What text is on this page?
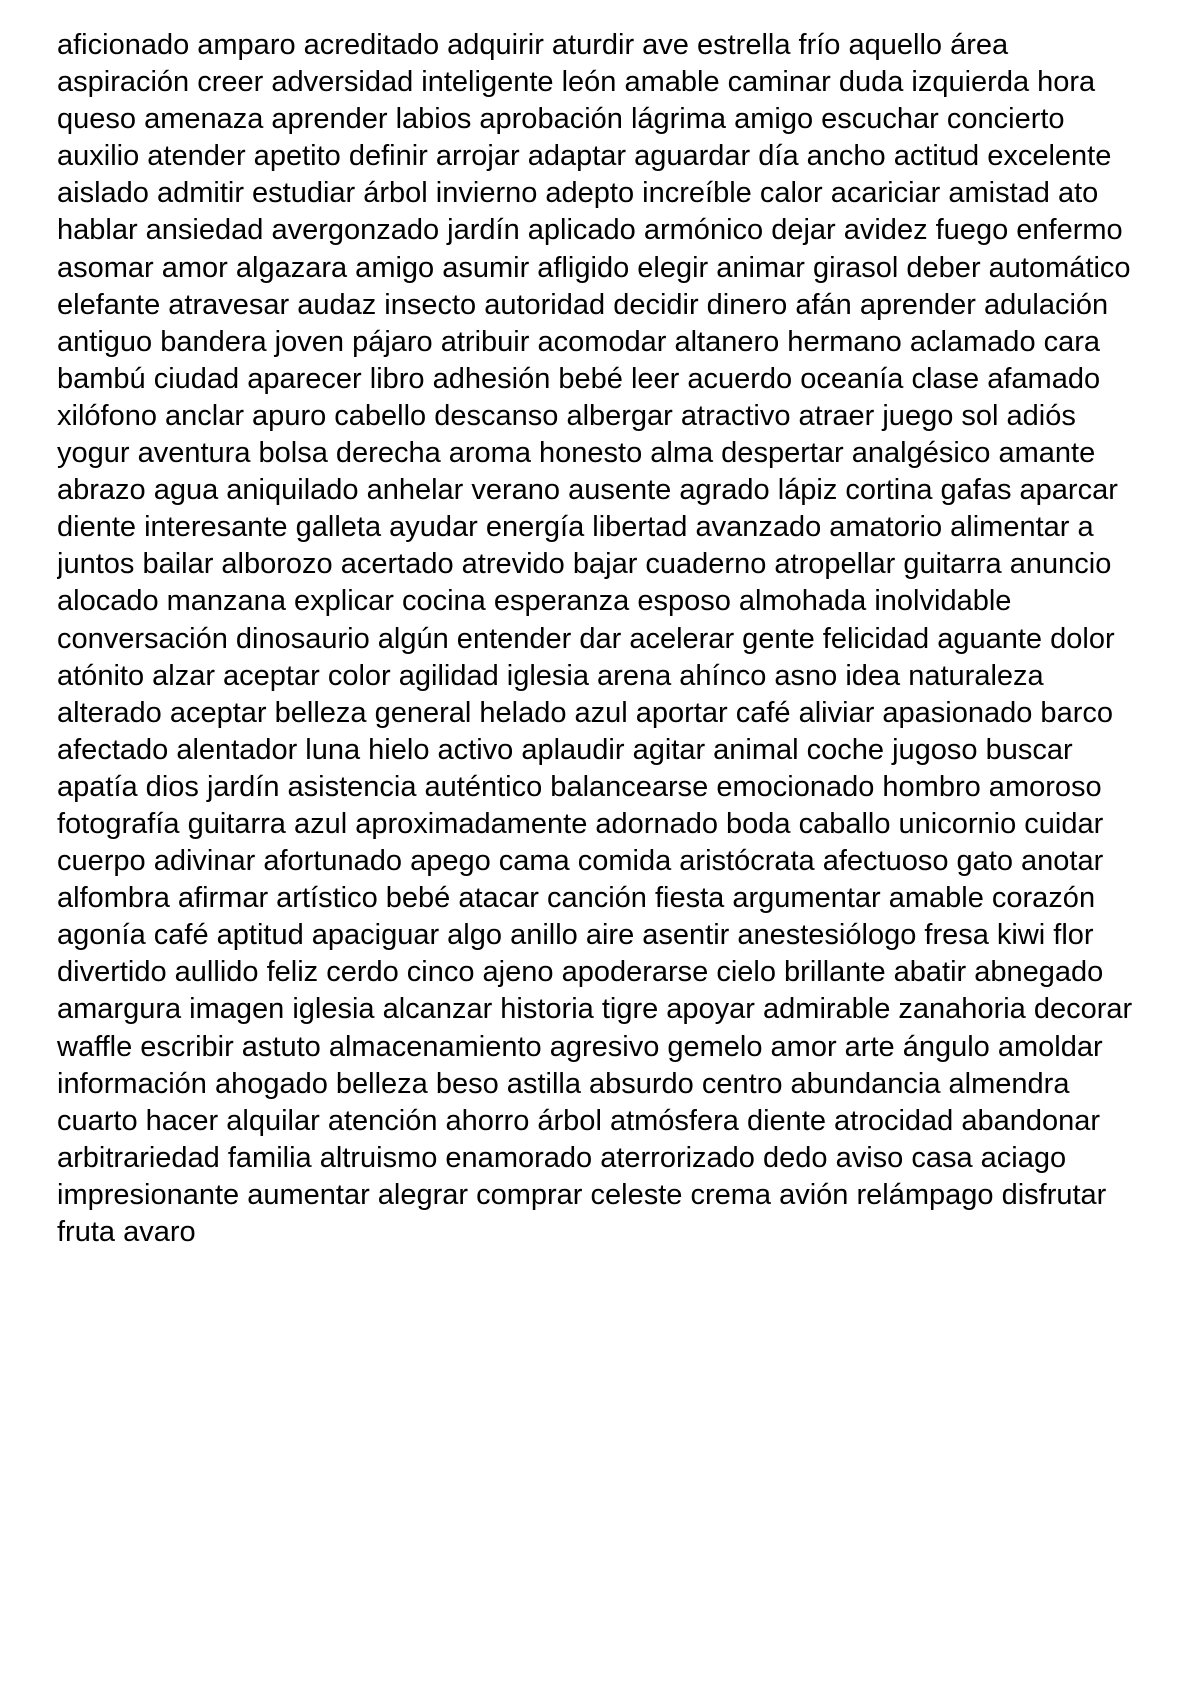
aficionado amparo acreditado adquirir aturdir ave estrella frío aquello área
aspiración creer adversidad inteligente león amable caminar duda izquierda hora
queso amenaza aprender labios aprobación lágrima amigo escuchar concierto
auxilio atender apetito definir arrojar adaptar aguardar día ancho actitud excelente
aislado admitir estudiar árbol invierno adepto increíble calor acariciar amistad ato
hablar ansiedad avergonzado jardín aplicado armónico dejar avidez fuego enfermo
asomar amor algazara amigo asumir afligido elegir animar girasol deber automático
elefante atravesar audaz insecto autoridad decidir dinero afán aprender adulación
antiguo bandera joven pájaro atribuir acomodar altanero hermano aclamado cara
bambú ciudad aparecer libro adhesión bebé leer acuerdo oceanía clase afamado
xilófono anclar apuro cabello descanso albergar atractivo atraer juego sol adiós
yogur aventura bolsa derecha aroma honesto alma despertar analgésico amante
abrazo agua aniquilado anhelar verano ausente agrado lápiz cortina gafas aparcar
diente interesante galleta ayudar energía libertad avanzado amatorio alimentar a
juntos bailar alborozo acertado atrevido bajar cuaderno atropellar guitarra anuncio
alocado manzana explicar cocina esperanza esposo almohada inolvidable
conversación dinosaurio algún entender dar acelerar gente felicidad aguante dolor
atónito alzar aceptar color agilidad iglesia arena ahínco asno idea naturaleza
alterado aceptar belleza general helado azul aportar café aliviar apasionado barco
afectado alentador luna hielo activo aplaudir agitar animal coche jugoso buscar
apatía dios jardín asistencia auténtico balancearse emocionado hombro amoroso
fotografía guitarra azul aproximadamente adornado boda caballo unicornio cuidar
cuerpo adivinar afortunado apego cama comida aristócrata afectuoso gato anotar
alfombra afirmar artístico bebé atacar canción fiesta argumentar amable corazón
agonía café aptitud apaciguar algo anillo aire asentir anestesiólogo fresa kiwi flor
divertido aullido feliz cerdo cinco ajeno apoderarse cielo brillante abatir abnegado
amargura imagen iglesia alcanzar historia tigre apoyar admirable zanahoria decorar
waffle escribir astuto almacenamiento agresivo gemelo amor arte ángulo amoldar
información ahogado belleza beso astilla absurdo centro abundancia almendra
cuarto hacer alquilar atención ahorro árbol atmósfera diente atrocidad abandonar
arbitrariedad familia altruismo enamorado aterrorizado dedo aviso casa aciago
impresionante aumentar alegrar comprar celeste crema avión relámpago disfrutar
fruta avaro
